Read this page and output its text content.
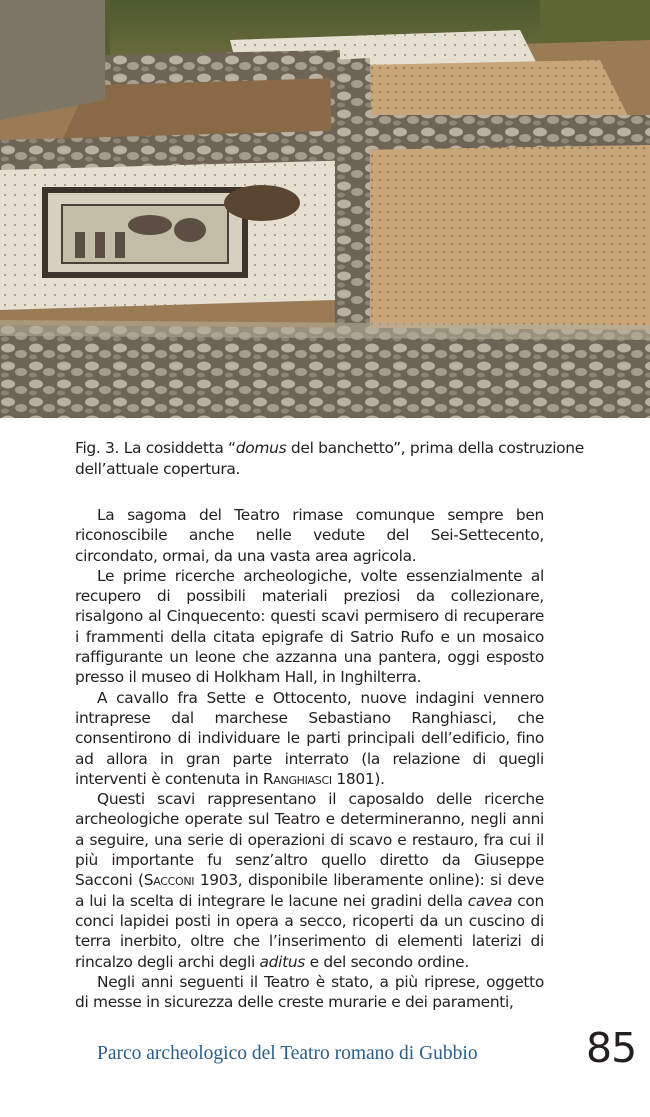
Fig. 3. La cosiddetta “domus del banchetto”, prima della costruzione dell’attuale copertura.

La sagoma del Teatro rimase comunque sempre ben riconoscibile anche nelle vedute del Sei-Settecento, circondato, ormai, da una vasta area agricola.

Le prime ricerche archeologiche, volte essenzialmente al recupero di possibili materiali preziosi da collezionare, risalgono al Cinquecento: questi scavi permisero di recuperare i frammenti della citata epigrafe di Satrio Rufo e un mosaico raffigurante un leone che azzanna una pantera, oggi esposto presso il museo di Holkham Hall, in Inghilterra.

A cavallo fra Sette e Ottocento, nuove indagini vennero intraprese dal marchese Sebastiano Ranghiasci, che consentirono di individuare le parti principali dell’edificio, fino ad allora in gran parte interrato (la relazione di quegli interventi è contenuta in Ranghiasci 1801).

Questi scavi rappresentano il caposaldo delle ricerche archeologiche operate sul Teatro e determineranno, negli anni a seguire, una serie di operazioni di scavo e restauro, fra cui il più importante fu senz’altro quello diretto da Giuseppe Sacconi (Sacconi 1903, disponibile liberamente online): si deve a lui la scelta di integrare le lacune nei gradini della cavea con conci lapidei posti in opera a secco, ricoperti da un cuscino di terra inerbito, oltre che l’inserimento di elementi laterizi di rincalzo degli archi degli aditus e del secondo ordine.

Negli anni seguenti il Teatro è stato, a più riprese, oggetto di messe in sicurezza delle creste murarie e dei paramenti,

Parco archeologico del Teatro romano di Gubbio	85
